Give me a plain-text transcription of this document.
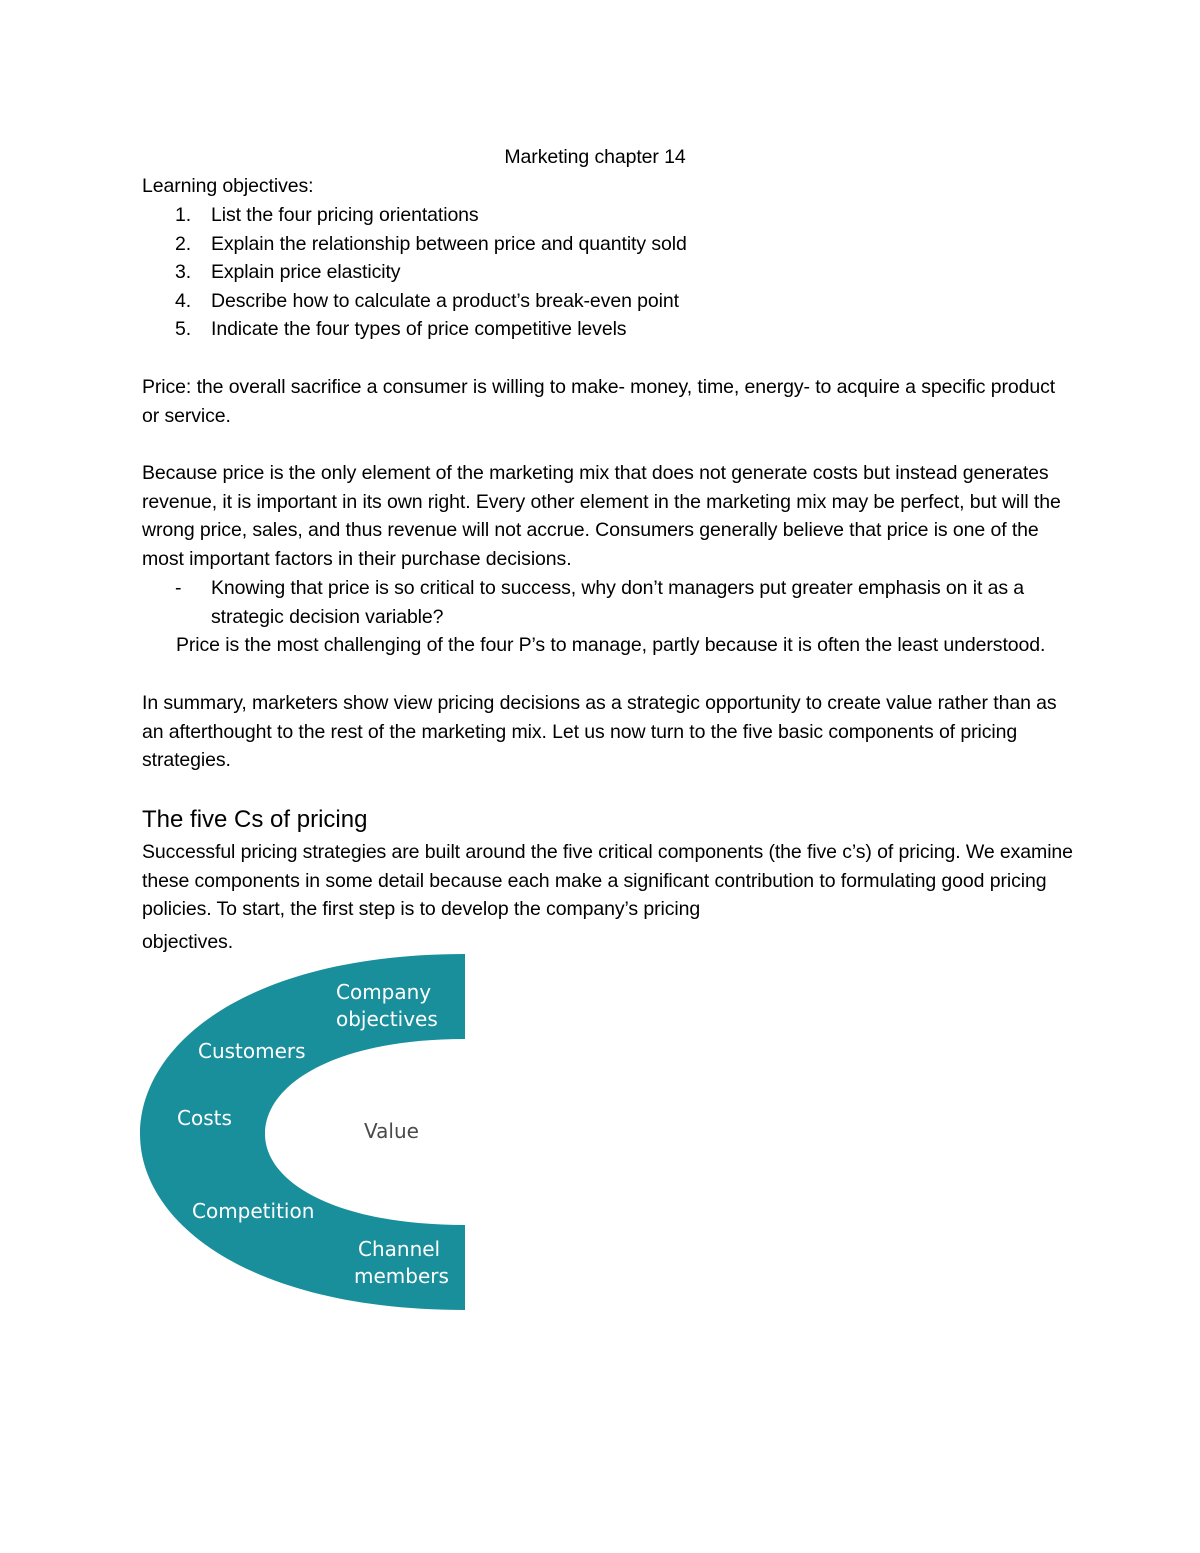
Marketing chapter 14
Learning objectives:
1. List the four pricing orientations
2. Explain the relationship between price and quantity sold
3. Explain price elasticity
4. Describe how to calculate a product’s break-even point
5. Indicate the four types of price competitive levels
Price: the overall sacrifice a consumer is willing to make- money, time, energy- to acquire a specific product or service.
Because price is the only element of the marketing mix that does not generate costs but instead generates revenue, it is important in its own right. Every other element in the marketing mix may be perfect, but will the wrong price, sales, and thus revenue will not accrue. Consumers generally believe that price is one of the most important factors in their purchase decisions.
- Knowing that price is so critical to success, why don’t managers put greater emphasis on it as a strategic decision variable?
Price is the most challenging of the four P’s to manage, partly because it is often the least understood.
In summary, marketers show view pricing decisions as a strategic opportunity to create value rather than as an afterthought to the rest of the marketing mix. Let us now turn to the five basic components of pricing strategies.
The five Cs of pricing
Successful pricing strategies are built around the five critical components (the five c’s) of pricing. We examine these components in some detail because each make a significant contribution to formulating good pricing policies. To start, the first step is to develop the company’s pricing
objectives.
Company
objectives
Customers
Costs
Value
Competition
Channel
members
